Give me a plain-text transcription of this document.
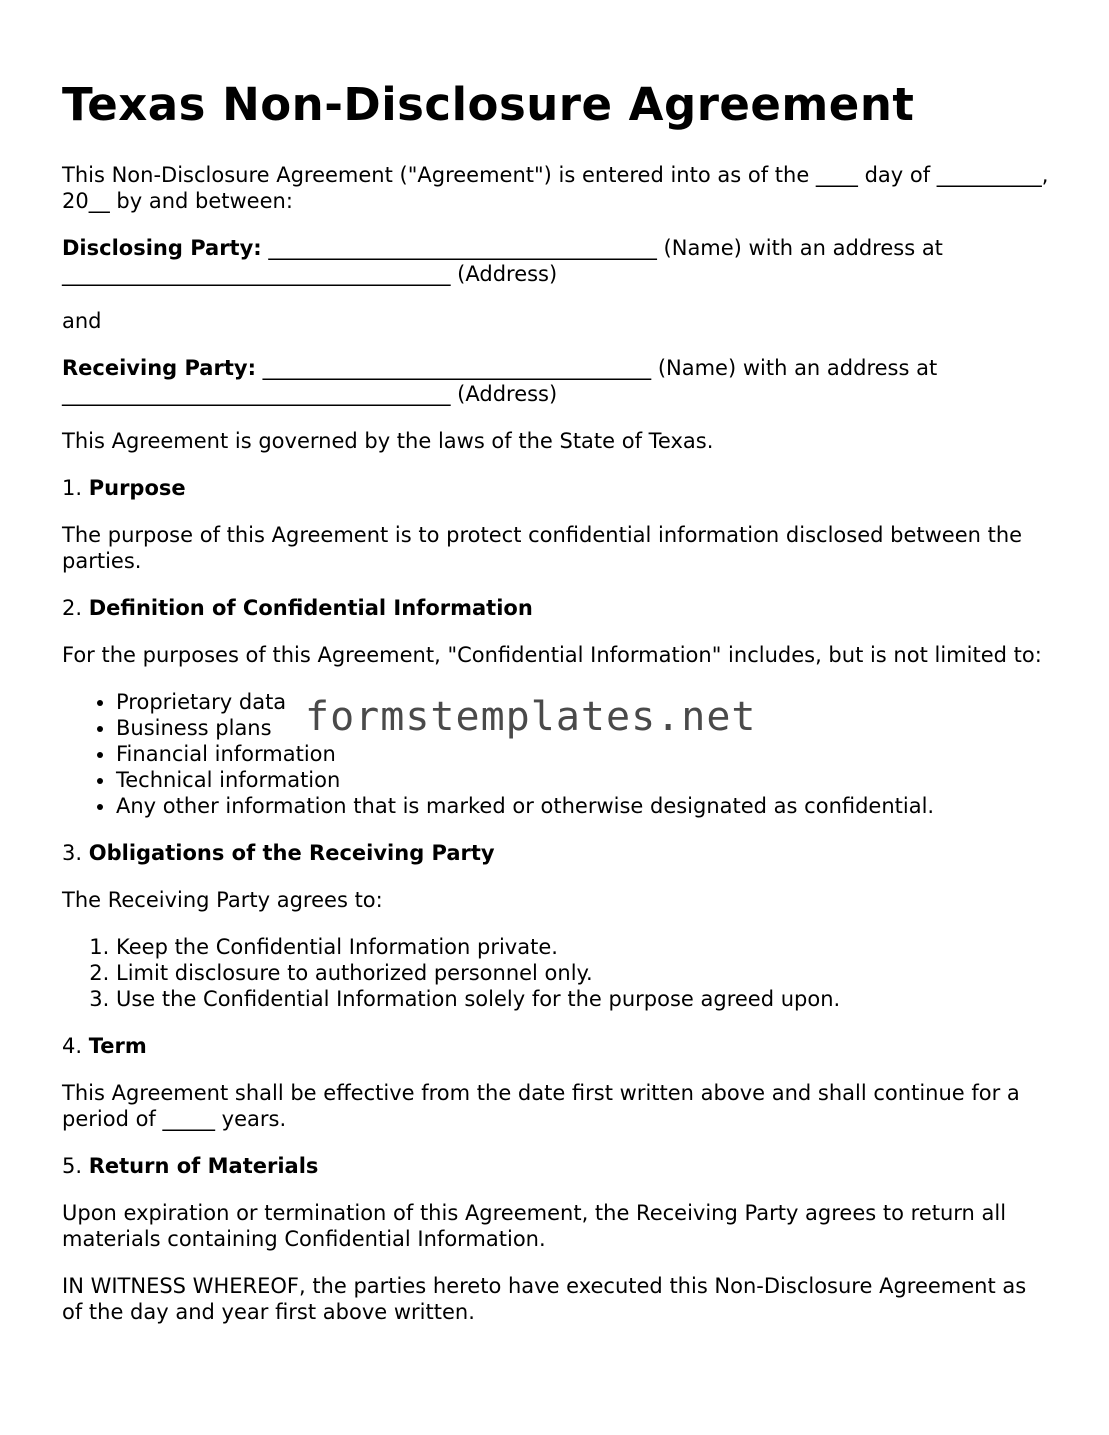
Texas Non-Disclosure Agreement

This Non-Disclosure Agreement ("Agreement") is entered into as of the ____ day of __________, 20__ by and between:

Disclosing Party: _____________________________________ (Name) with an address at _____________________________________ (Address)

and

Receiving Party: _____________________________________ (Name) with an address at _____________________________________ (Address)

This Agreement is governed by the laws of the State of Texas.

1. Purpose

The purpose of this Agreement is to protect confidential information disclosed between the parties.

2. Definition of Confidential Information

For the purposes of this Agreement, "Confidential Information" includes, but is not limited to:

• Proprietary data
• Business plans
• Financial information
• Technical information
• Any other information that is marked or otherwise designated as confidential.
3. Obligations of the Receiving Party

The Receiving Party agrees to:

1. Keep the Confidential Information private.
2. Limit disclosure to authorized personnel only.
3. Use the Confidential Information solely for the purpose agreed upon.
4. Term

This Agreement shall be effective from the date first written above and shall continue for a period of _____ years.

5. Return of Materials

Upon expiration or termination of this Agreement, the Receiving Party agrees to return all materials containing Confidential Information.

IN WITNESS WHEREOF, the parties hereto have executed this Non-Disclosure Agreement as of the day and year first above written.

formstemplates.net
